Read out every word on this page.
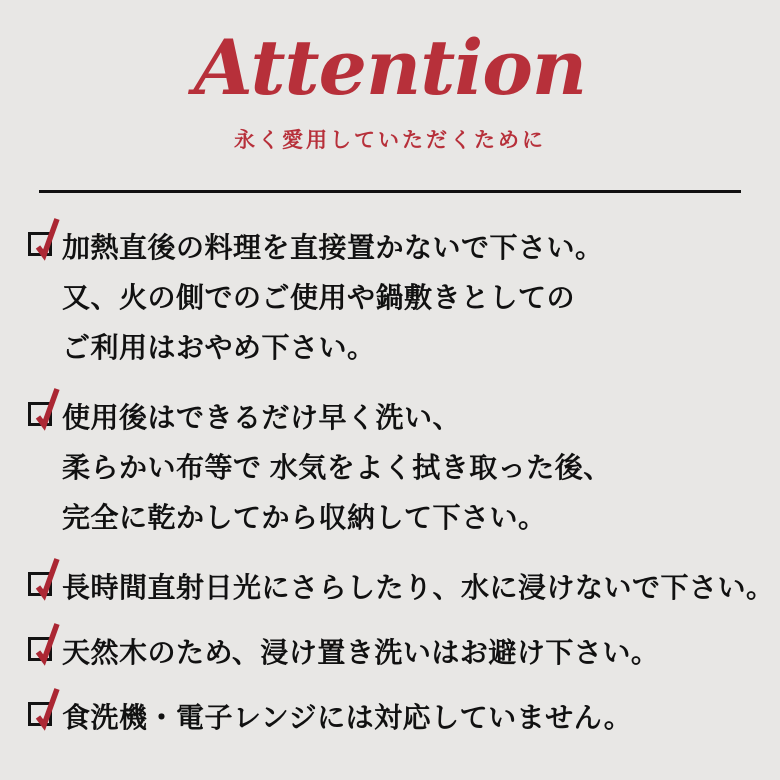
Attention
永く愛用していただくために
加熱直後の料理を直接置かないで下さい。
又、火の側でのご使用や鍋敷きとしての
ご利用はおやめ下さい。
使用後はできるだけ早く洗い、
柔らかい布等で 水気をよく拭き取った後、
完全に乾かしてから収納して下さい。
長時間直射日光にさらしたり、水に浸けないで下さい。
天然木のため、浸け置き洗いはお避け下さい。
食洗機・電子レンジには対応していません。
